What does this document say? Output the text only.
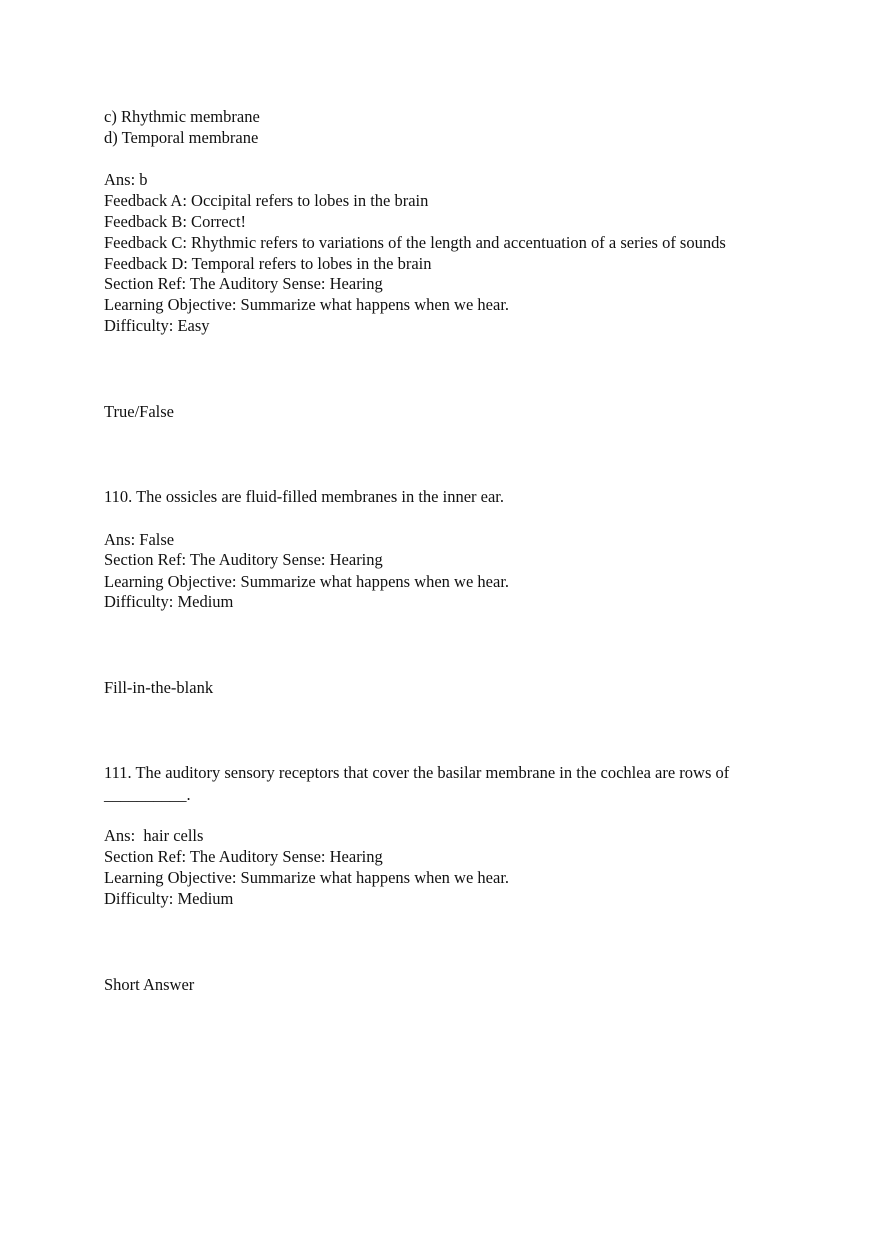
c) Rhythmic membrane
d) Temporal membrane
Ans: b
Feedback A: Occipital refers to lobes in the brain
Feedback B: Correct!
Feedback C: Rhythmic refers to variations of the length and accentuation of a series of sounds
Feedback D: Temporal refers to lobes in the brain
Section Ref: The Auditory Sense: Hearing
Learning Objective: Summarize what happens when we hear.
Difficulty: Easy
True/False
110. The ossicles are fluid-filled membranes in the inner ear.
Ans: False
Section Ref: The Auditory Sense: Hearing
Learning Objective: Summarize what happens when we hear.
Difficulty: Medium
Fill-in-the-blank
111. The auditory sensory receptors that cover the basilar membrane in the cochlea are rows of
__________.
Ans:  hair cells
Section Ref: The Auditory Sense: Hearing
Learning Objective: Summarize what happens when we hear.
Difficulty: Medium
Short Answer
